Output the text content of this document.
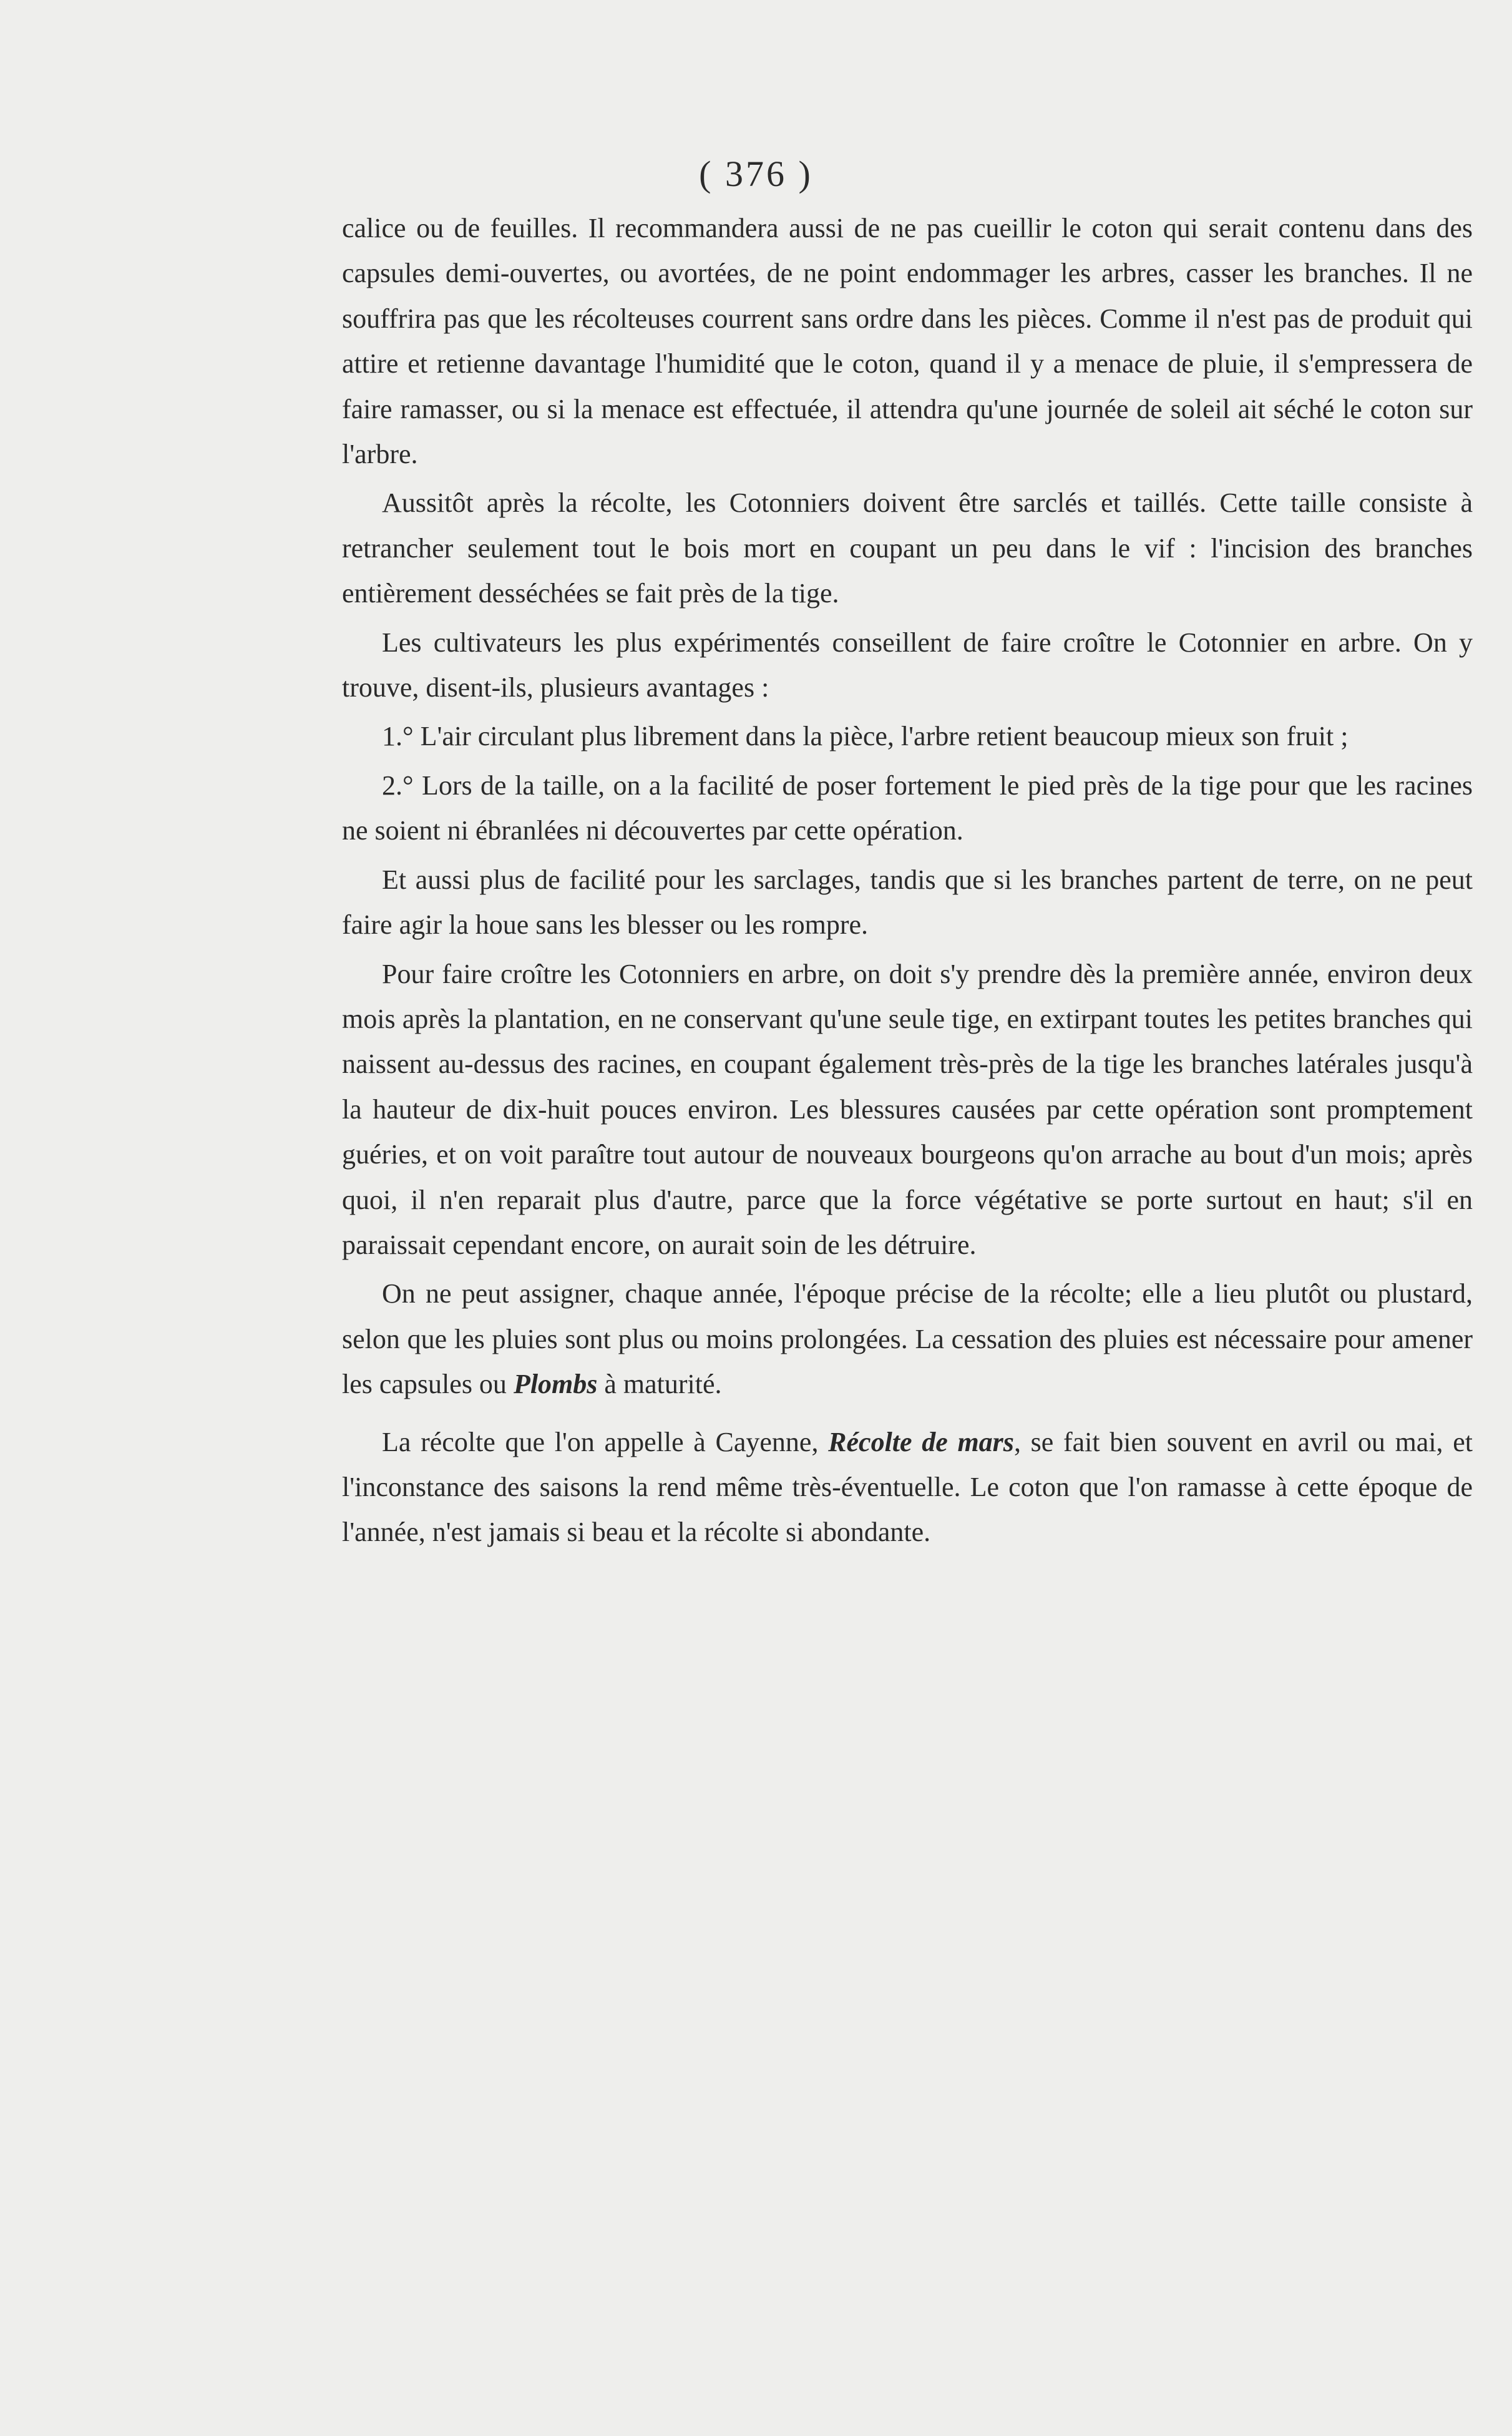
( 376 )

calice ou de feuilles. Il recommandera aussi de ne pas cueillir le coton qui serait contenu dans des capsules demi-ouvertes, ou avortées, de ne point endommager les arbres, casser les branches. Il ne souffrira pas que les récolteuses courrent sans ordre dans les pièces. Comme il n'est pas de produit qui attire et retienne davantage l'humidité que le coton, quand il y a menace de pluie, il s'empressera de faire ramasser, ou si la menace est effectuée, il attendra qu'une journée de soleil ait séché le coton sur l'arbre.

Aussitôt après la récolte, les Cotonniers doivent être sarclés et taillés. Cette taille consiste à retrancher seulement tout le bois mort en coupant un peu dans le vif : l'incision des branches entièrement desséchées se fait près de la tige.

Les cultivateurs les plus expérimentés conseillent de faire croître le Cotonnier en arbre. On y trouve, disent-ils, plusieurs avantages :

1.° L'air circulant plus librement dans la pièce, l'arbre retient beaucoup mieux son fruit ;

2.° Lors de la taille, on a la facilité de poser fortement le pied près de la tige pour que les racines ne soient ni ébranlées ni découvertes par cette opération.

Et aussi plus de facilité pour les sarclages, tandis que si les branches partent de terre, on ne peut faire agir la houe sans les blesser ou les rompre.

Pour faire croître les Cotonniers en arbre, on doit s'y prendre dès la première année, environ deux mois après la plantation, en ne conservant qu'une seule tige, en extirpant toutes les petites branches qui naissent au-dessus des racines, en coupant également très-près de la tige les branches latérales jusqu'à la hauteur de dix-huit pouces environ. Les blessures causées par cette opération sont promptement guéries, et on voit paraître tout autour de nouveaux bourgeons qu'on arrache au bout d'un mois; après quoi, il n'en reparait plus d'autre, parce que la force végétative se porte surtout en haut; s'il en paraissait cependant encore, on aurait soin de les détruire.

On ne peut assigner, chaque année, l'époque précise de la récolte; elle a lieu plutôt ou plustard, selon que les pluies sont plus ou moins prolongées. La cessation des pluies est nécessaire pour amener les capsules ou Plombs à maturité.

La récolte que l'on appelle à Cayenne, Récolte de mars, se fait bien souvent en avril ou mai, et l'inconstance des saisons la rend même très-éventuelle. Le coton que l'on ramasse à cette époque de l'année, n'est jamais si beau et la récolte si abondante.
